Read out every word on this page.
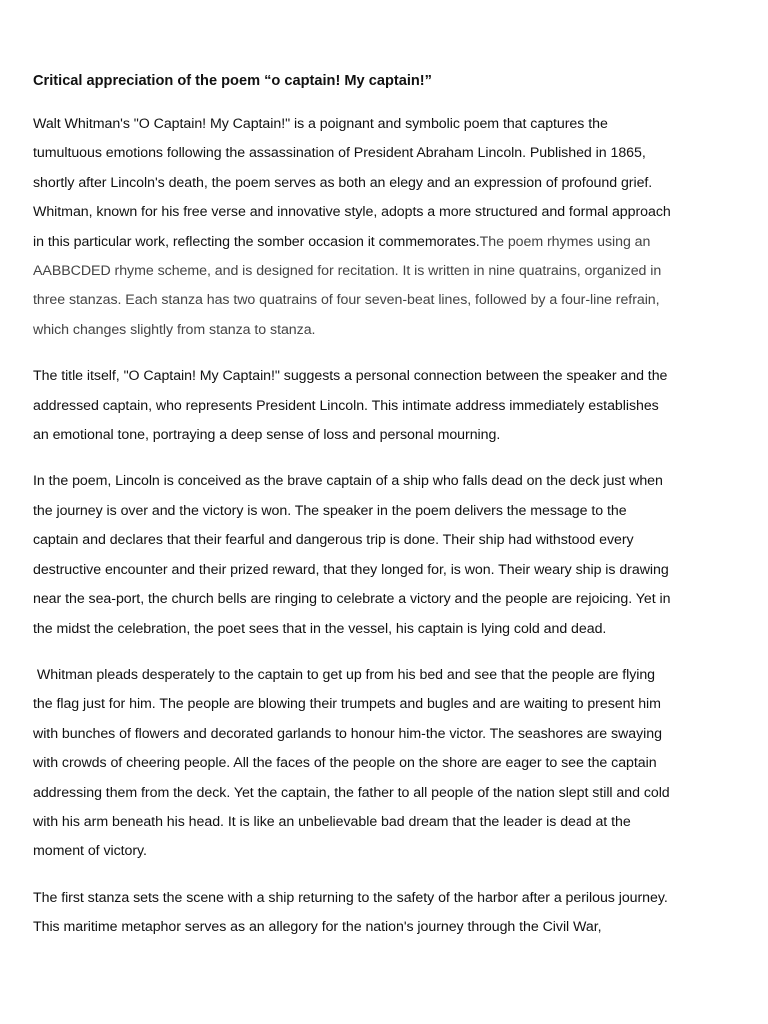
Critical appreciation of the poem “o captain! My captain!”

Walt Whitman's "O Captain! My Captain!" is a poignant and symbolic poem that captures the tumultuous emotions following the assassination of President Abraham Lincoln. Published in 1865, shortly after Lincoln's death, the poem serves as both an elegy and an expression of profound grief. Whitman, known for his free verse and innovative style, adopts a more structured and formal approach in this particular work, reflecting the somber occasion it commemorates.The poem rhymes using an AABBCDED rhyme scheme, and is designed for recitation. It is written in nine quatrains, organized in three stanzas. Each stanza has two quatrains of four seven-beat lines, followed by a four-line refrain, which changes slightly from stanza to stanza.

The title itself, "O Captain! My Captain!" suggests a personal connection between the speaker and the addressed captain, who represents President Lincoln. This intimate address immediately establishes an emotional tone, portraying a deep sense of loss and personal mourning.

In the poem, Lincoln is conceived as the brave captain of a ship who falls dead on the deck just when the journey is over and the victory is won. The speaker in the poem delivers the message to the captain and declares that their fearful and dangerous trip is done. Their ship had withstood every destructive encounter and their prized reward, that they longed for, is won. Their weary ship is drawing near the sea-port, the church bells are ringing to celebrate a victory and the people are rejoicing. Yet in the midst the celebration, the poet sees that in the vessel, his captain is lying cold and dead.

Whitman pleads desperately to the captain to get up from his bed and see that the people are flying the flag just for him. The people are blowing their trumpets and bugles and are waiting to present him with bunches of flowers and decorated garlands to honour him-the victor. The seashores are swaying with crowds of cheering people. All the faces of the people on the shore are eager to see the captain addressing them from the deck. Yet the captain, the father to all people of the nation slept still and cold with his arm beneath his head. It is like an unbelievable bad dream that the leader is dead at the moment of victory.

The first stanza sets the scene with a ship returning to the safety of the harbor after a perilous journey. This maritime metaphor serves as an allegory for the nation's journey through the Civil War,
